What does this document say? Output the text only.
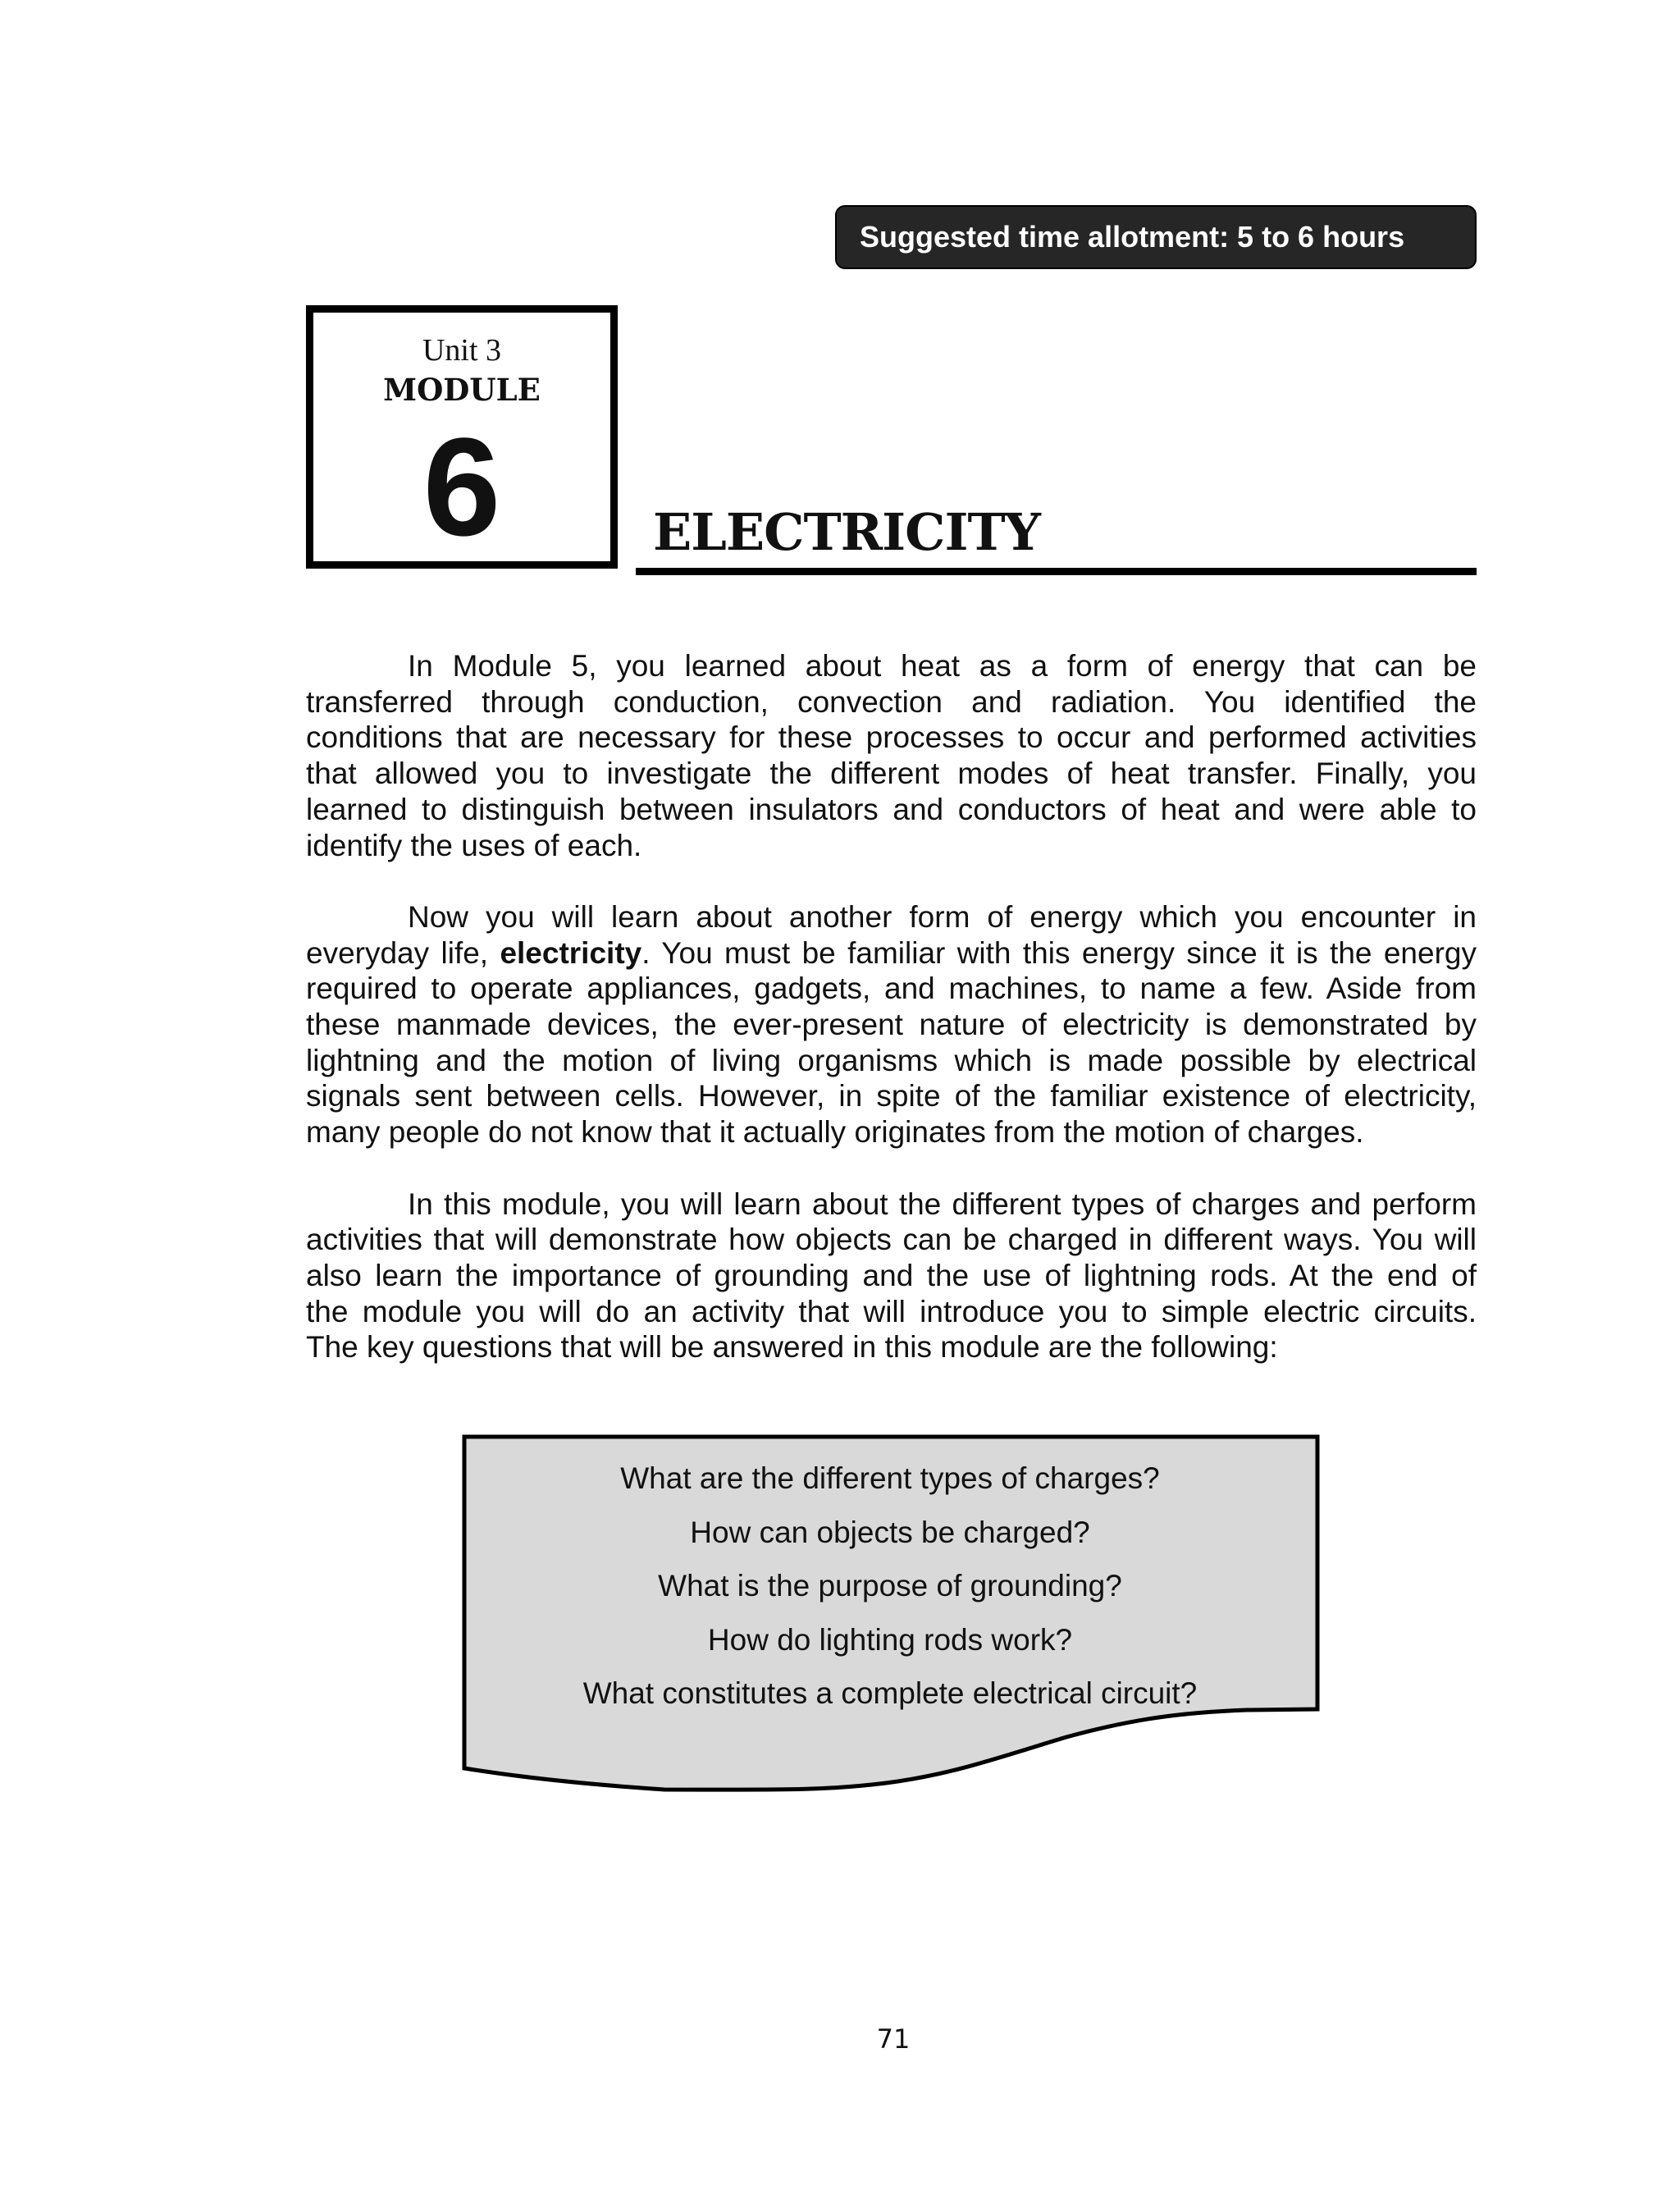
Suggested time allotment: 5 to 6 hours
Unit 3
MODULE
6	ELECTRICITY
In Module 5, you learned about heat as a form of energy that can be
transferred through conduction, convection and radiation. You identified the
conditions that are necessary for these processes to occur and performed activities
that allowed you to investigate the different modes of heat transfer. Finally, you
learned to distinguish between insulators and conductors of heat and were able to
identify the uses of each.
Now you will learn about another form of energy which you encounter in
everyday life, electricity. You must be familiar with this energy since it is the energy
required to operate appliances, gadgets, and machines, to name a few. Aside from
these manmade devices, the ever-present nature of electricity is demonstrated by
lightning and the motion of living organisms which is made possible by electrical
signals sent between cells. However, in spite of the familiar existence of electricity,
many people do not know that it actually originates from the motion of charges.
In this module, you will learn about the different types of charges and perform
activities that will demonstrate how objects can be charged in different ways. You will
also learn the importance of grounding and the use of lightning rods. At the end of
the module you will do an activity that will introduce you to simple electric circuits.
The key questions that will be answered in this module are the following:
What are the different types of charges?
How can objects be charged?
What is the purpose of grounding?
How do lighting rods work?
What constitutes a complete electrical circuit?
71
